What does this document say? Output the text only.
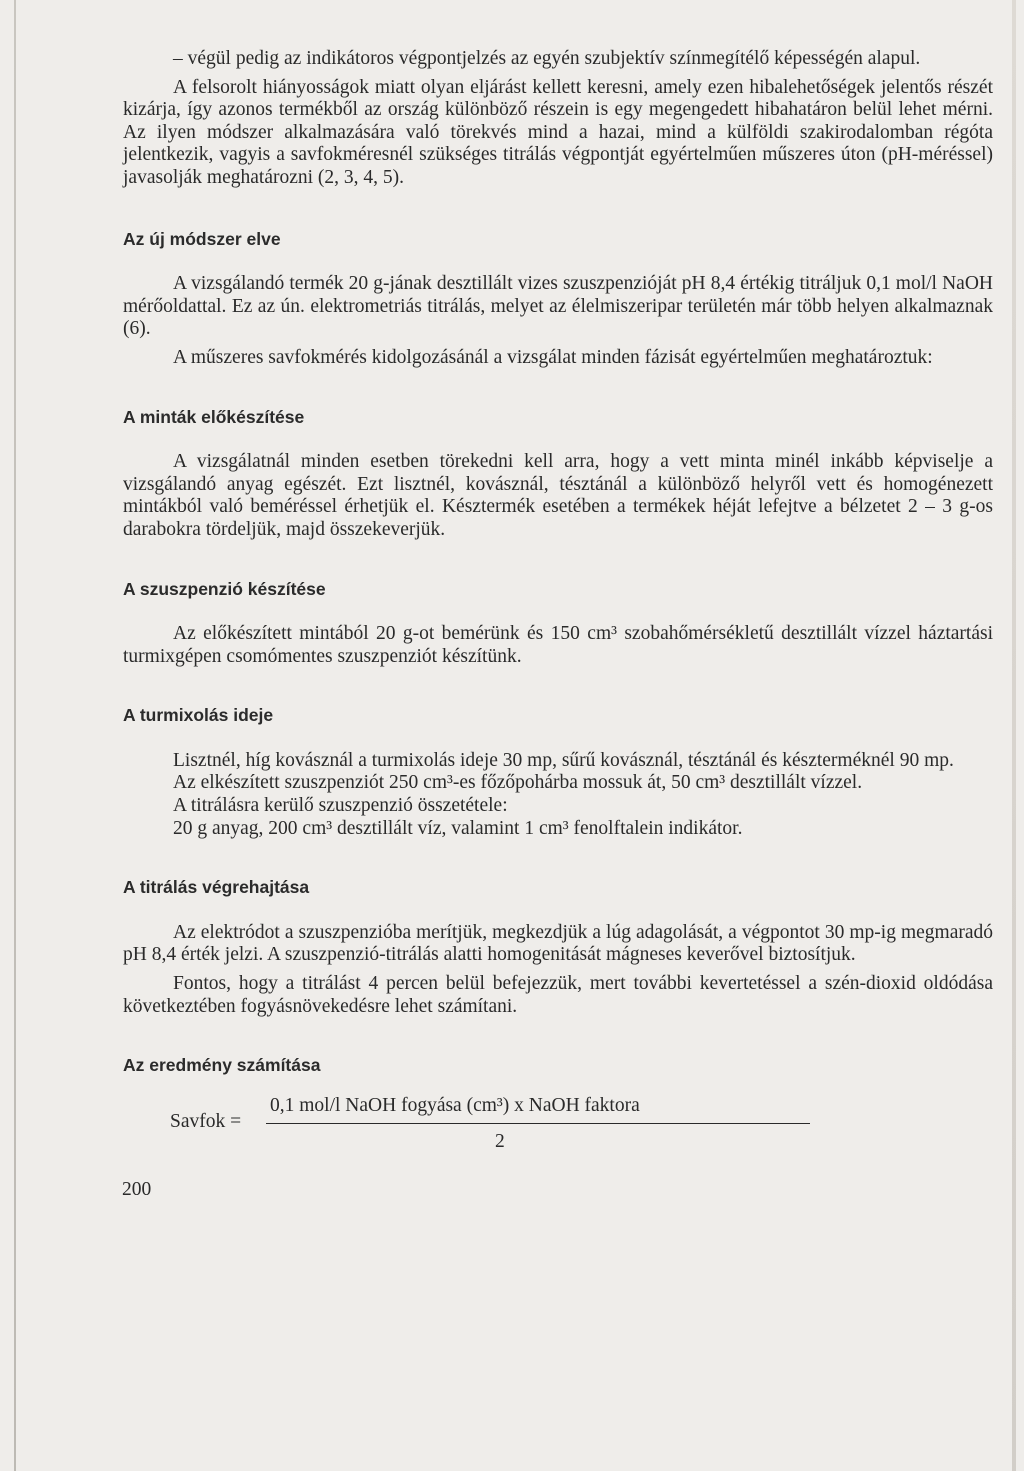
– végül pedig az indikátoros végpontjelzés az egyén szubjektív színmegítélő képességén alapul.

A felsorolt hiányosságok miatt olyan eljárást kellett keresni, amely ezen hibalehetőségek jelentős részét kizárja, így azonos termékből az ország különböző részein is egy megengedett hibahatáron belül lehet mérni. Az ilyen módszer alkalmazására való törekvés mind a hazai, mind a külföldi szakirodalomban régóta jelentkezik, vagyis a savfokméresnél szükséges titrálás végpontját egyértelműen műszeres úton (pH-méréssel) javasolják meghatározni (2, 3, 4, 5).

Az új módszer elve

A vizsgálandó termék 20 g-jának desztillált vizes szuszpenzióját pH 8,4 értékig titráljuk 0,1 mol/l NaOH mérőoldattal. Ez az ún. elektrometriás titrálás, melyet az élelmiszeripar területén már több helyen alkalmaznak (6).

A műszeres savfokmérés kidolgozásánál a vizsgálat minden fázisát egyértelműen meghatároztuk:

A minták előkészítése

A vizsgálatnál minden esetben törekedni kell arra, hogy a vett minta minél inkább képviselje a vizsgálandó anyag egészét. Ezt lisztnél, kovásznál, tésztánál a különböző helyről vett és homogénezett mintákból való beméréssel érhetjük el. Késztermék esetében a termékek héját lefejtve a bélzetet 2 – 3 g-os darabokra tördeljük, majd összekeverjük.

A szuszpenzió készítése

Az előkészített mintából 20 g-ot bemérünk és 150 cm³ szobahőmérsékletű desztillált vízzel háztartási turmixgépen csomómentes szuszpenziót készítünk.

A turmixolás ideje

Lisztnél, híg kovásznál a turmixolás ideje 30 mp, sűrű kovásznál, tésztánál és készterméknél 90 mp.

Az elkészített szuszpenziót 250 cm³-es főzőpohárba mossuk át, 50 cm³ desztillált vízzel.

A titrálásra kerülő szuszpenzió összetétele:

20 g anyag, 200 cm³ desztillált víz, valamint 1 cm³ fenolftalein indikátor.

A titrálás végrehajtása

Az elektródot a szuszpenzióba merítjük, megkezdjük a lúg adagolását, a végpontot 30 mp-ig megmaradó pH 8,4 érték jelzi. A szuszpenzió-titrálás alatti homogenitását mágneses keverővel biztosítjuk.

Fontos, hogy a titrálást 4 percen belül befejezzük, mert további kevertetéssel a szén-dioxid oldódása következtében fogyásnövekedésre lehet számítani.

Az eredmény számítása
Savfok =
0,1 mol/l NaOH fogyása (cm³) x NaOH faktora
2
200
